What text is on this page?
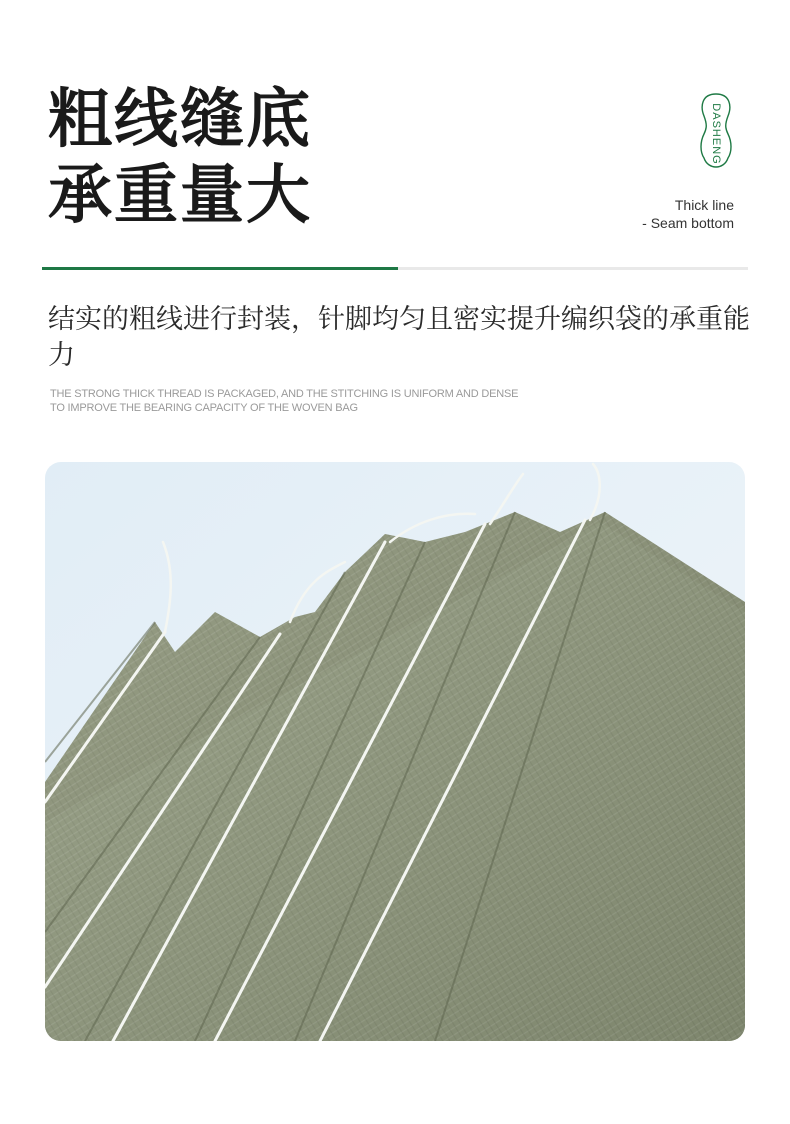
粗线缝底
承重量大
DASHENG
Thick line
- Seam bottom

结实的粗线进行封装，针脚均匀且密实提升编织袋的承重能力

THE STRONG THICK THREAD IS PACKAGED, AND THE STITCHING IS UNIFORM AND DENSE
TO IMPROVE THE BEARING CAPACITY OF THE WOVEN BAG
